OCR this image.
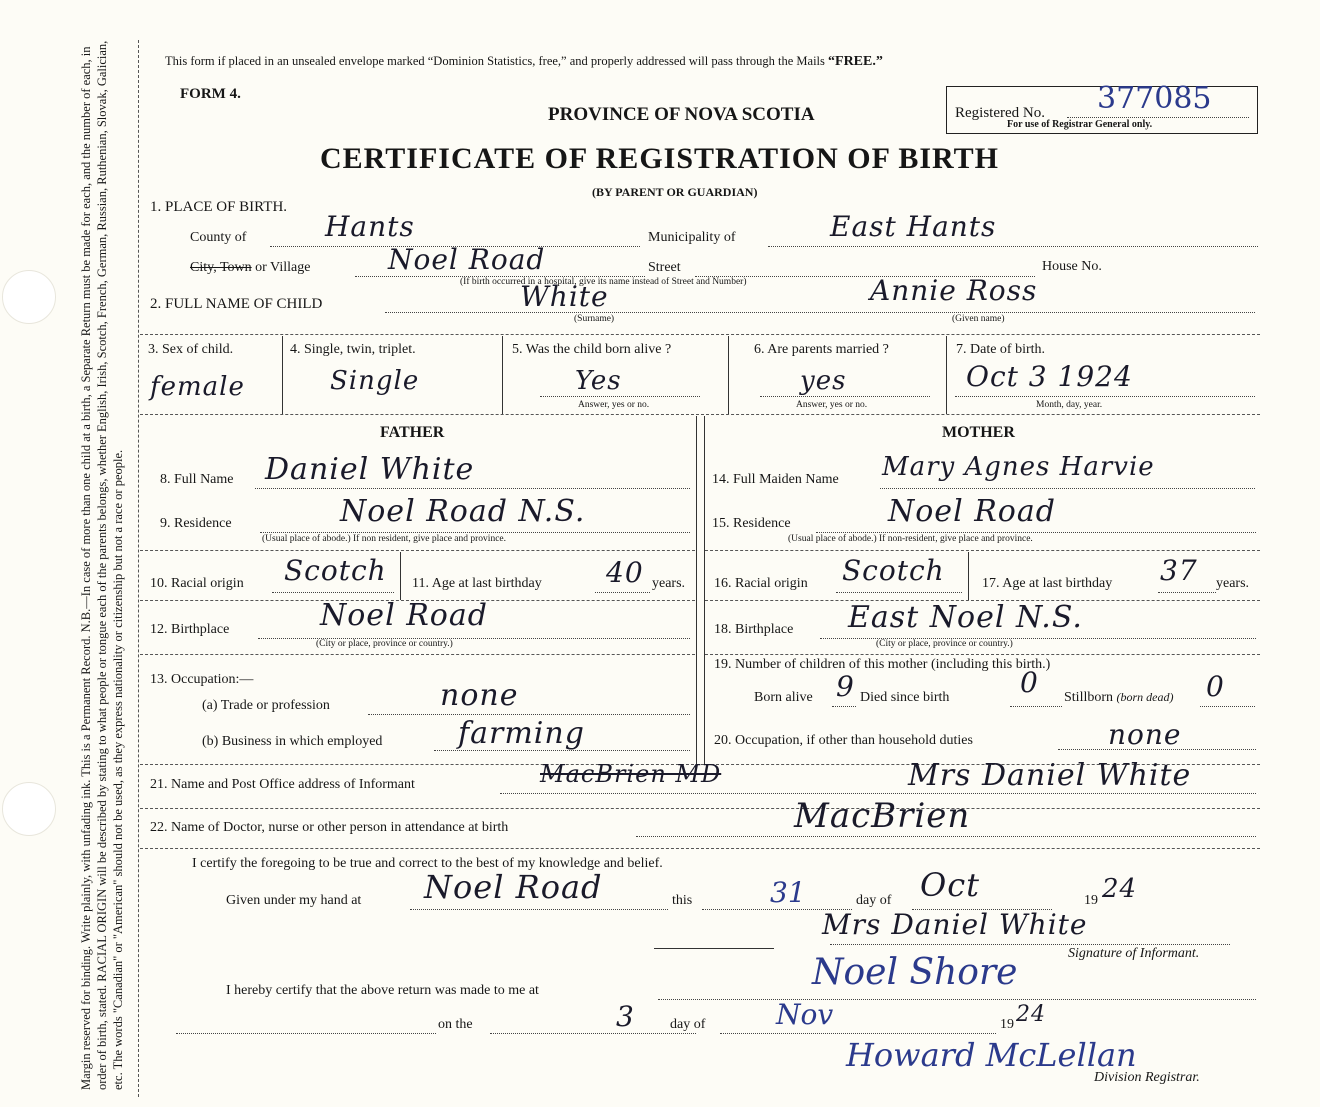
Margin reserved for binding. Write plainly, with unfading ink. This is a Permanent Record. N.B.—In case of more than one child at a birth, a Separate Return must be made for each, and the number of each, in order of birth, stated. RACIAL ORIGIN will be described by stating to what people or tongue each of the parents belongs, whether English, Irish, Scotch, French, German, Russian, Ruthenian, Slovak, Galician, etc. The words "Canadian" or "American" should not be used, as they express nationality or citizenship but not a race or people.
This form if placed in an unsealed envelope marked “Dominion Statistics, free,” and properly addressed will pass through the Mails “FREE.”
FORM 4.
PROVINCE OF NOVA SCOTIA	Registered No. 377085
For use of Registrar General only.
CERTIFICATE OF REGISTRATION OF BIRTH
(BY PARENT OR GUARDIAN)
1. PLACE OF BIRTH.
County of	Hants	Municipality of	East Hants
City, Town or Village	Noel Road	Street	House No.
(If birth occurred in a hospital, give its name instead of Street and Number)
2. FULL NAME OF CHILD	White
(Surname)
Annie Ross
(Given name)
3. Sex of child.
female
4. Single, twin, triplet.
Single
5. Was the child born alive ?
Yes
Answer, yes or no.
6. Are parents married ?
yes
Answer, yes or no.
7. Date of birth.
Oct 3 1924
Month, day, year.
FATHER	MOTHER
8. Full Name Daniel White
9. Residence	Noel Road N.S.
(Usual place of abode.) If non resident, give place and province.
10. Racial origin Scotch 11. Age at last birthday 40 years.
12. Birthplace	Noel Road
(City or place, province or country.)
13. Occupation:—
(a) Trade or profession	none
(b) Business in which employed	farming
14. Full Maiden Name Mary Agnes Harvie
15. Residence	Noel Road
(Usual place of abode.) If non-resident, give place and province.
16. Racial origin Scotch	17. Age at last birthday 37 years.
18. Birthplace East Noel N.S.
(City or place, province or country.)
19. Number of children of this mother (including this birth.)
Born alive 9 Died since birth	0 Stillborn (born dead) 0
20. Occupation, if other than household duties	none
21. Name and Post Office address of Informant	MacBrien MD	Mrs Daniel White
22. Name of Doctor, nurse or other person in attendance at birth	MacBrien
I certify the foregoing to be true and correct to the best of my knowledge and belief.
Given under my hand at Noel Road	this	31	day of Oct	19 24
Mrs Daniel White
Signature of Informant.
I hereby certify that the above return was made to me at	Noel Shore
on the	3	day of	Nov	19 24
Howard McLellan
Division Registrar.
